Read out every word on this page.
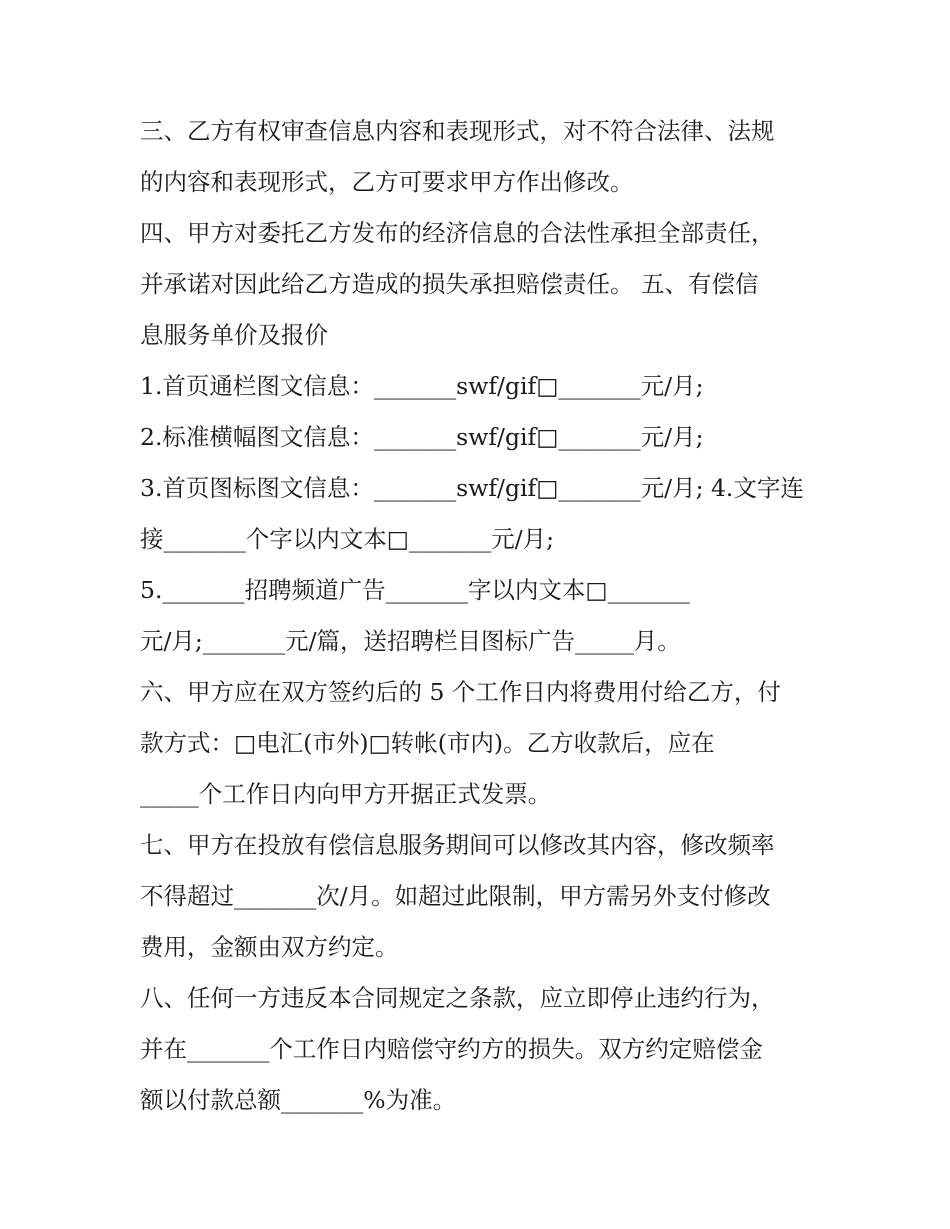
三、乙方有权审查信息内容和表现形式，对不符合法律、法规
的内容和表现形式，乙方可要求甲方作出修改。
四、甲方对委托乙方发布的经济信息的合法性承担全部责任，
并承诺对因此给乙方造成的损失承担赔偿责任。 五、有偿信
息服务单价及报价
1.首页通栏图文信息：_______swf/gif□_______元/月;
2.标准横幅图文信息：_______swf/gif□_______元/月;
3.首页图标图文信息：_______swf/gif□_______元/月; 4.文字连
接_______个字以内文本□_______元/月;
5._______招聘频道广告_______字以内文本□_______
元/月;_______元/篇，送招聘栏目图标广告_____月。
六、甲方应在双方签约后的 5 个工作日内将费用付给乙方，付
款方式：□电汇(市外)□转帐(市内)。乙方收款后，应在
_____个工作日内向甲方开据正式发票。
七、甲方在投放有偿信息服务期间可以修改其内容，修改频率
不得超过_______次/月。如超过此限制，甲方需另外支付修改
费用，金额由双方约定。
八、任何一方违反本合同规定之条款，应立即停止违约行为，
并在_______个工作日内赔偿守约方的损失。双方约定赔偿金
额以付款总额_______%为准。
